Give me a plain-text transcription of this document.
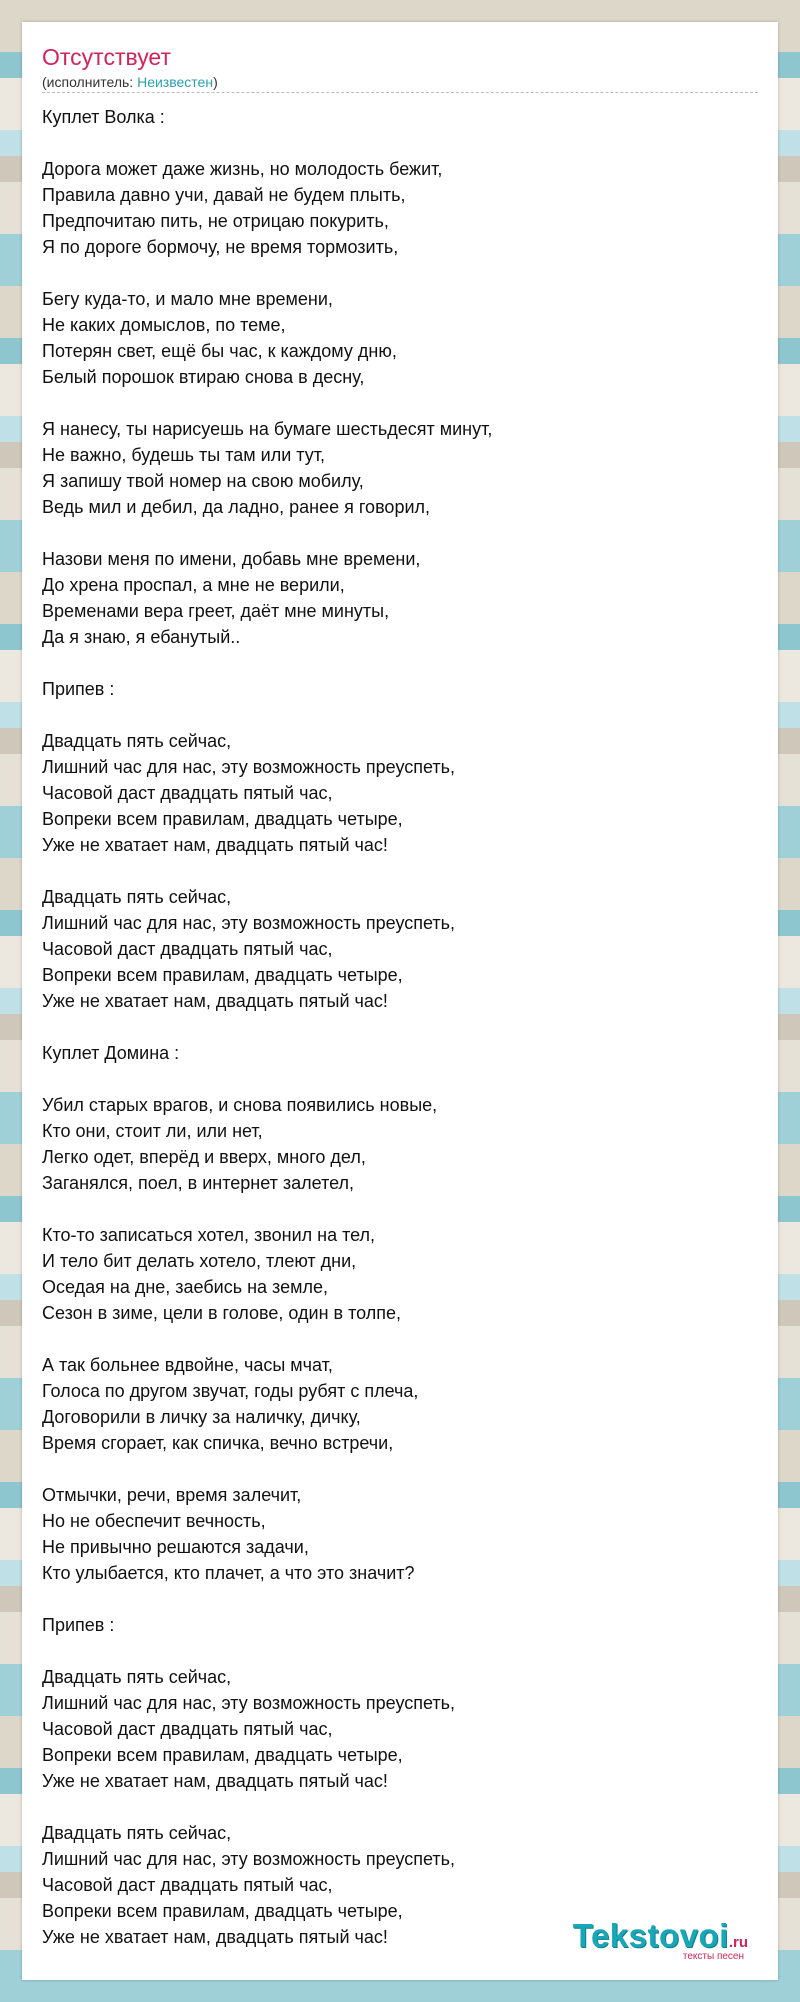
Отсутствует
(исполнитель: Неизвестен)
Куплет Волка :
Дорога может даже жизнь, но молодость бежит,
Правила давно учи, давай не будем плыть,
Предпочитаю пить, не отрицаю покурить,
Я по дороге бормочу, не время тормозить,
Бегу куда-то, и мало мне времени,
Не каких домыслов, по теме,
Потерян свет, ещё бы час, к каждому дню,
Белый порошок втираю снова в десну,
Я нанесу, ты нарисуешь на бумаге шестьдесят минут,
Не важно, будешь ты там или тут,
Я запишу твой номер на свою мобилу,
Ведь мил и дебил, да ладно, ранее я говорил,
Назови меня по имени, добавь мне времени,
До хрена проспал, а мне не верили,
Временами вера греет, даёт мне минуты,
Да я знаю, я ебанутый..
Припев :
Двадцать пять сейчас,
Лишний час для нас, эту возможность преуспеть,
Часовой даст двадцать пятый час,
Вопреки всем правилам, двадцать четыре,
Уже не хватает нам, двадцать пятый час!
Двадцать пять сейчас,
Лишний час для нас, эту возможность преуспеть,
Часовой даст двадцать пятый час,
Вопреки всем правилам, двадцать четыре,
Уже не хватает нам, двадцать пятый час!
Куплет Домина :
Убил старых врагов, и снова появились новые,
Кто они, стоит ли, или нет,
Легко одет, вперёд и вверх, много дел,
Заганялся, поел, в интернет залетел,
Кто-то записаться хотел, звонил на тел,
И тело бит делать хотело, тлеют дни,
Оседая на дне, заебись на земле,
Сезон в зиме, цели в голове, один в толпе,
А так больнее вдвойне, часы мчат,
Голоса по другом звучат, годы рубят с плеча,
Договорили в личку за наличку, дичку,
Время сгорает, как спичка, вечно встречи,
Отмычки, речи, время залечит,
Но не обеспечит вечность,
Не привычно решаются задачи,
Кто улыбается, кто плачет, а что это значит?
Припев :
Двадцать пять сейчас,
Лишний час для нас, эту возможность преуспеть,
Часовой даст двадцать пятый час,
Вопреки всем правилам, двадцать четыре,
Уже не хватает нам, двадцать пятый час!
Двадцать пять сейчас,
Лишний час для нас, эту возможность преуспеть,
Часовой даст двадцать пятый час,
Вопреки всем правилам, двадцать четыре,
Уже не хватает нам, двадцать пятый час!	Tekstovoi.ru
тексты песен
